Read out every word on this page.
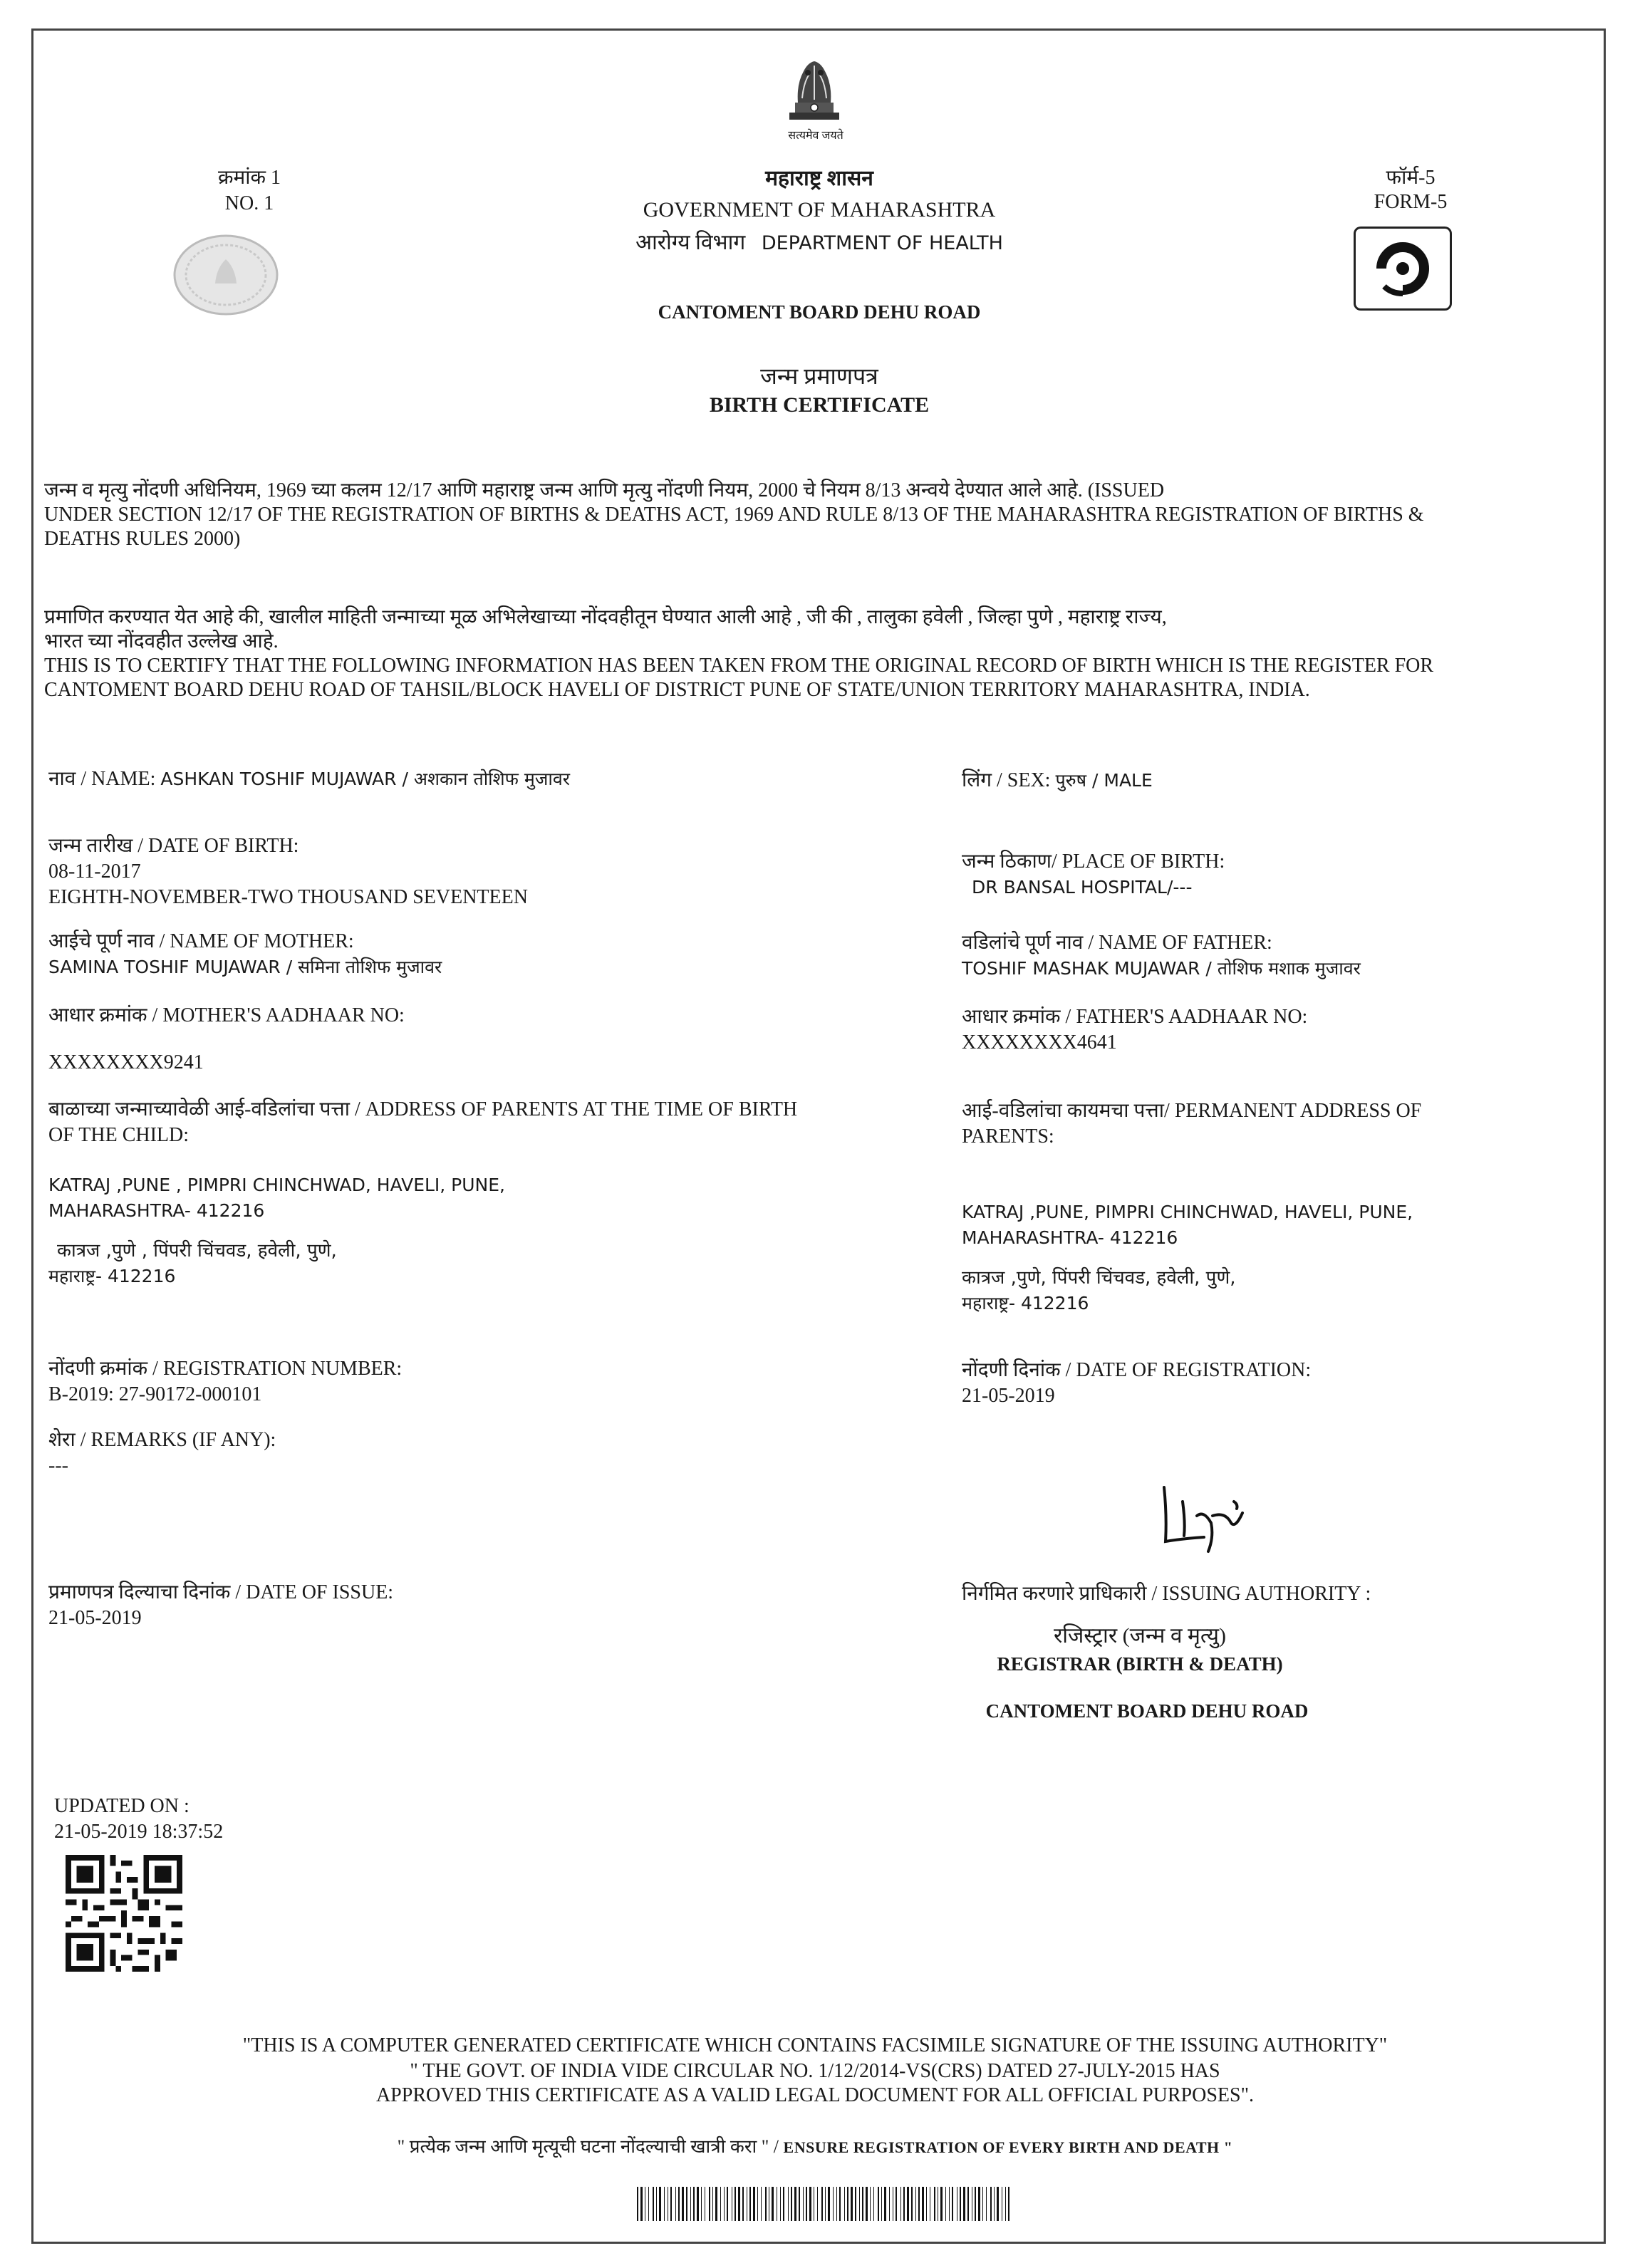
सत्यमेव जयते
क्रमांक 1
NO. 1
फॉर्म-5
FORM-5
महाराष्ट्र शासन
GOVERNMENT OF MAHARASHTRA
आरोग्य विभाग DEPARTMENT OF HEALTH
CANTOMENT BOARD DEHU ROAD
जन्म प्रमाणपत्र
BIRTH CERTIFICATE
जन्म व मृत्यु नोंदणी अधिनियम, 1969 च्या कलम 12/17 आणि महाराष्ट्र जन्म आणि मृत्यु नोंदणी नियम, 2000 चे नियम 8/13 अन्वये देण्यात आले आहे. (ISSUED
UNDER SECTION 12/17 OF THE REGISTRATION OF BIRTHS & DEATHS ACT, 1969 AND RULE 8/13 OF THE MAHARASHTRA REGISTRATION OF BIRTHS &
DEATHS RULES 2000)
प्रमाणित करण्यात येत आहे की, खालील माहिती जन्माच्या मूळ अभिलेखाच्या नोंदवहीतून घेण्यात आली आहे , जी की , तालुका हवेली , जिल्हा पुणे , महाराष्ट्र राज्य,
भारत च्या नोंदवहीत उल्लेख आहे.
THIS IS TO CERTIFY THAT THE FOLLOWING INFORMATION HAS BEEN TAKEN FROM THE ORIGINAL RECORD OF BIRTH WHICH IS THE REGISTER FOR
CANTOMENT BOARD DEHU ROAD OF TAHSIL/BLOCK HAVELI OF DISTRICT PUNE OF STATE/UNION TERRITORY MAHARASHTRA, INDIA.
नाव / NAME: ASHKAN TOSHIF MUJAWAR / अशकान तोशिफ मुजावर	लिंग / SEX: पुरुष / MALE
जन्म तारीख / DATE OF BIRTH:
08-11-2017
EIGHTH-NOVEMBER-TWO THOUSAND SEVENTEEN
जन्म ठिकाण/ PLACE OF BIRTH:
DR BANSAL HOSPITAL/---
आईचे पूर्ण नाव / NAME OF MOTHER:
SAMINA TOSHIF MUJAWAR / समिना तोशिफ मुजावर
वडिलांचे पूर्ण नाव / NAME OF FATHER:
TOSHIF MASHAK MUJAWAR / तोशिफ मशाक मुजावर
आधार क्रमांक / MOTHER'S AADHAAR NO:
XXXXXXXX9241
आधार क्रमांक / FATHER'S AADHAAR NO:
XXXXXXXX4641
बाळाच्या जन्माच्यावेळी आई-वडिलांचा पत्ता / ADDRESS OF PARENTS AT THE TIME OF BIRTH
OF THE CHILD:
KATRAJ ,PUNE , PIMPRI CHINCHWAD, HAVELI, PUNE,
MAHARASHTRA- 412216
कात्रज ,पुणे , पिंपरी चिंचवड, हवेली, पुणे,
महाराष्ट्र- 412216
आई-वडिलांचा कायमचा पत्ता/ PERMANENT ADDRESS OF
PARENTS:
KATRAJ ,PUNE, PIMPRI CHINCHWAD, HAVELI, PUNE,
MAHARASHTRA- 412216
कात्रज ,पुणे, पिंपरी चिंचवड, हवेली, पुणे,
महाराष्ट्र- 412216
नोंदणी क्रमांक / REGISTRATION NUMBER:
B-2019: 27-90172-000101
नोंदणी दिनांक / DATE OF REGISTRATION:
21-05-2019
शेरा / REMARKS (IF ANY):
---
प्रमाणपत्र दिल्याचा दिनांक / DATE OF ISSUE:
21-05-2019
निर्गमित करणारे प्राधिकारी / ISSUING AUTHORITY :
रजिस्ट्रार (जन्म व मृत्यु)
REGISTRAR (BIRTH & DEATH)
CANTOMENT BOARD DEHU ROAD
UPDATED ON :
21-05-2019 18:37:52
"THIS IS A COMPUTER GENERATED CERTIFICATE WHICH CONTAINS FACSIMILE SIGNATURE OF THE ISSUING AUTHORITY"
" THE GOVT. OF INDIA VIDE CIRCULAR NO. 1/12/2014-VS(CRS) DATED 27-JULY-2015 HAS
APPROVED THIS CERTIFICATE AS A VALID LEGAL DOCUMENT FOR ALL OFFICIAL PURPOSES".
" प्रत्येक जन्म आणि मृत्यूची घटना नोंदल्याची खात्री करा " / ENSURE REGISTRATION OF EVERY BIRTH AND DEATH "
